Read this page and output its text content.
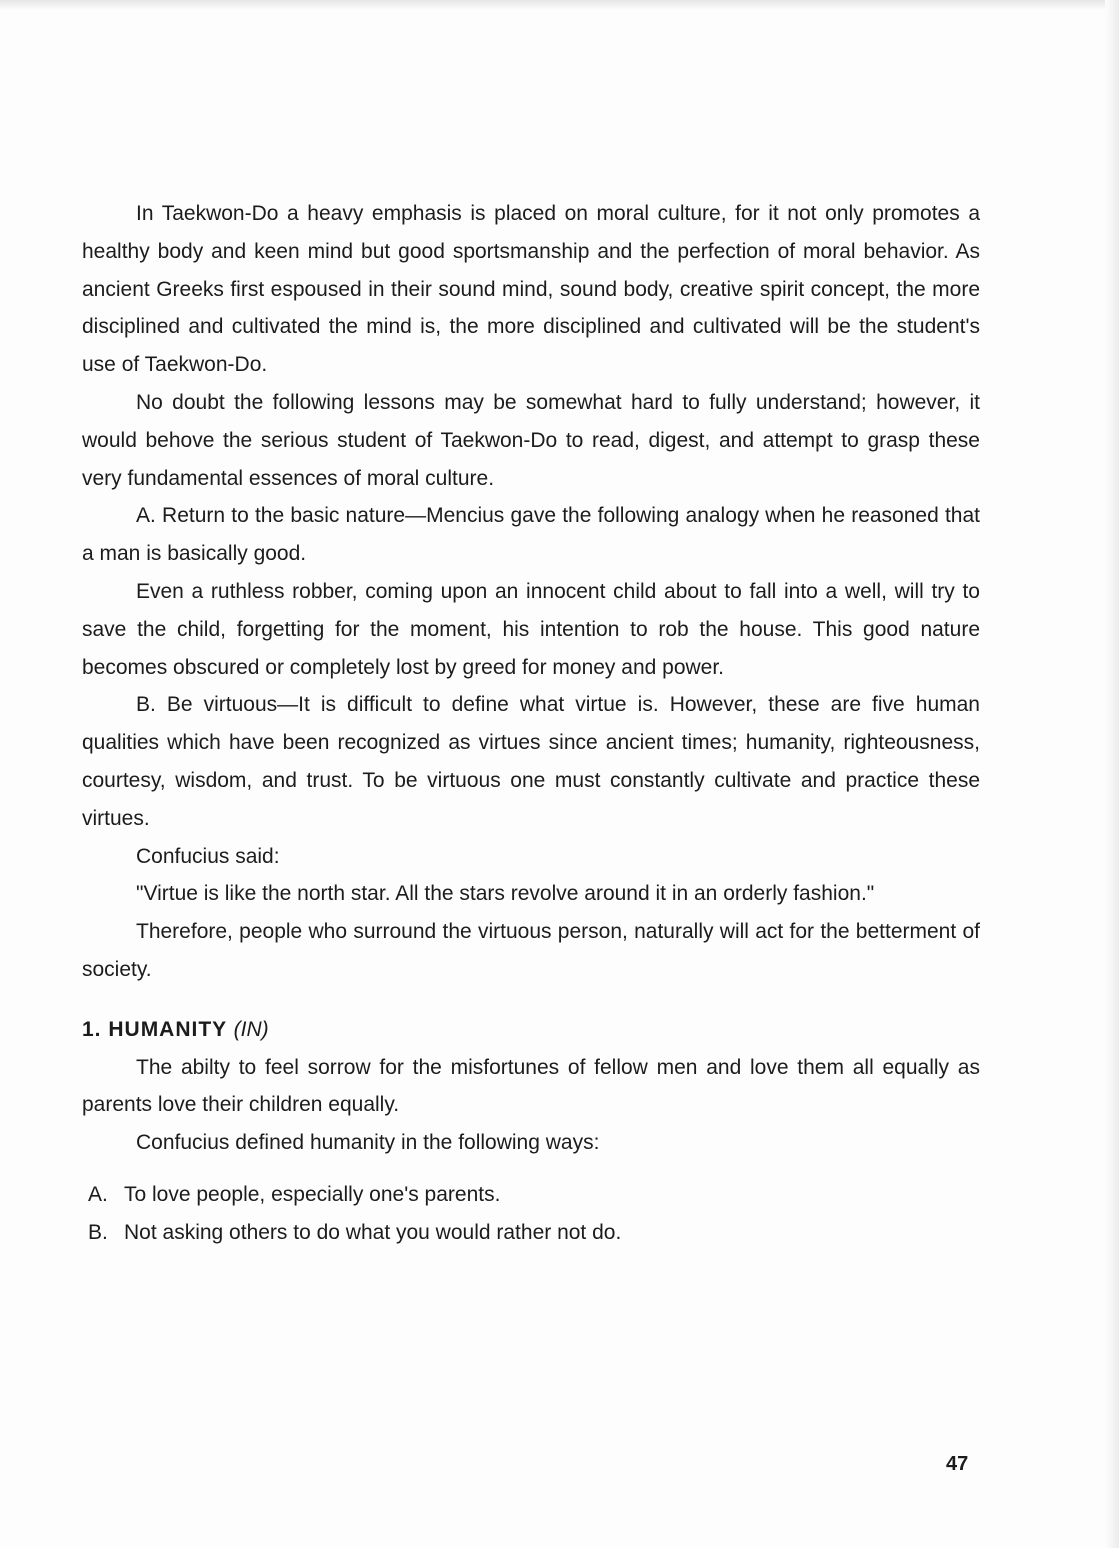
In Taekwon-Do a heavy emphasis is placed on moral culture, for it not only promotes a healthy body and keen mind but good sportsmanship and the perfection of moral behavior. As ancient Greeks first espoused in their sound mind, sound body, creative spirit concept, the more disciplined and cultivated the mind is, the more disciplined and cultivated will be the student's use of Taekwon-Do.

No doubt the following lessons may be somewhat hard to fully understand; however, it would behove the serious student of Taekwon-Do to read, digest, and attempt to grasp these very fundamental essences of moral culture.

A. Return to the basic nature—Mencius gave the following analogy when he reasoned that a man is basically good.

Even a ruthless robber, coming upon an innocent child about to fall into a well, will try to save the child, forgetting for the moment, his intention to rob the house. This good nature becomes obscured or completely lost by greed for money and power.

B. Be virtuous—It is difficult to define what virtue is. However, these are five human qualities which have been recognized as virtues since ancient times; humanity, righteousness, courtesy, wisdom, and trust. To be virtuous one must constantly cultivate and practice these virtues.

Confucius said:

"Virtue is like the north star. All the stars revolve around it in an orderly fashion."

Therefore, people who surround the virtuous person, naturally will act for the betterment of society.

1. HUMANITY (IN)

The abilty to feel sorrow for the misfortunes of fellow men and love them all equally as parents love their children equally.

Confucius defined humanity in the following ways:

A. To love people, especially one's parents.
B. Not asking others to do what you would rather not do.
47
